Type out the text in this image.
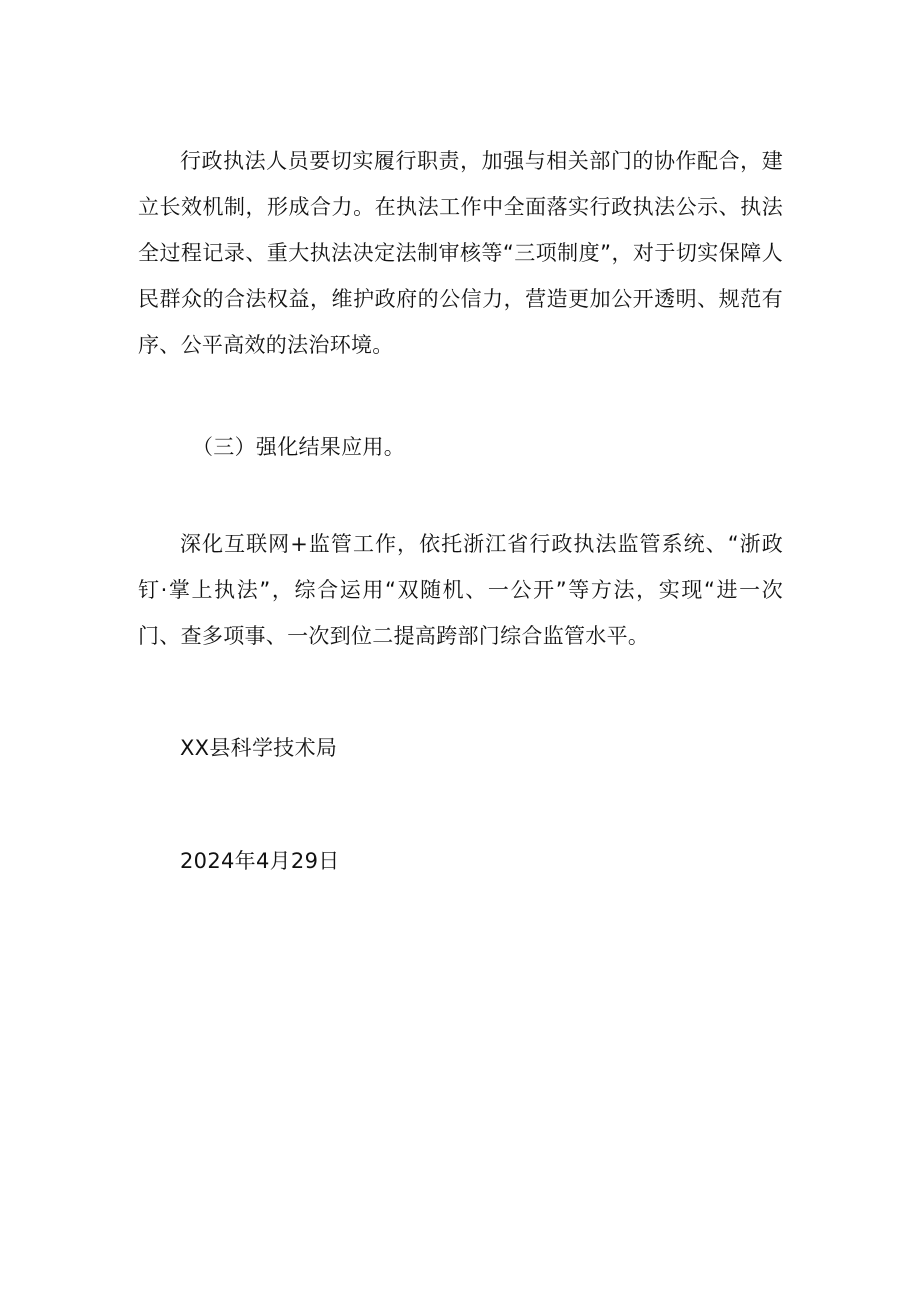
行政执法人员要切实履行职责，加强与相关部门的协作配合，建立长效机制，形成合力。在执法工作中全面落实行政执法公示、执法全过程记录、重大执法决定法制审核等“三项制度”，对于切实保障人民群众的合法权益，维护政府的公信力，营造更加公开透明、规范有序、公平高效的法治环境。

（三）强化结果应用。

深化互联网+监管工作，依托浙江省行政执法监管系统、“浙政钉·掌上执法”，综合运用“双随机、一公开”等方法，实现“进一次门、查多项事、一次到位二提高跨部门综合监管水平。

XX县科学技术局

2024年4月29日
